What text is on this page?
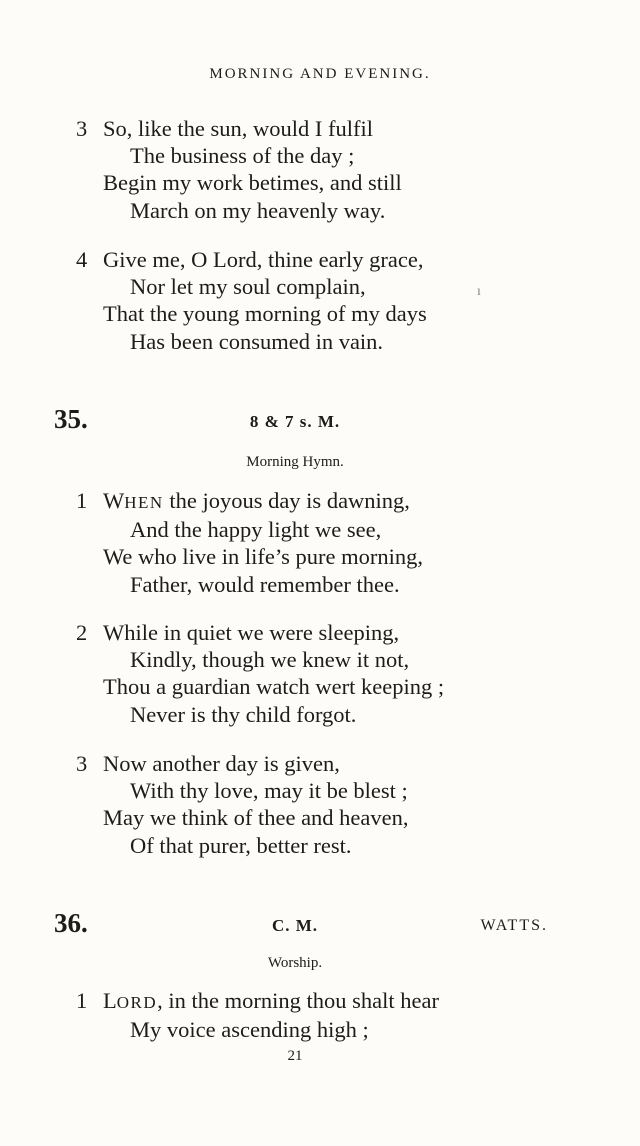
MORNING AND EVENING.
3 So, like the sun, would I fulfil
The business of the day ;
Begin my work betimes, and still
March on my heavenly way.
4 Give me, O Lord, thine early grace,
Nor let my soul complain,
That the young morning of my days
Has been consumed in vain.
ı
35.	8 & 7 s. M.
Morning Hymn.
1 WHEN the joyous day is dawning,
And the happy light we see,
We who live in life’s pure morning,
Father, would remember thee.
2 While in quiet we were sleeping,
Kindly, though we knew it not,
Thou a guardian watch wert keeping ;
Never is thy child forgot.
3 Now another day is given,
With thy love, may it be blest ;
May we think of thee and heaven,
Of that purer, better rest.
36.	C. M.	WATTS.
Worship.
1 LORD, in the morning thou shalt hear
My voice ascending high ;
21
